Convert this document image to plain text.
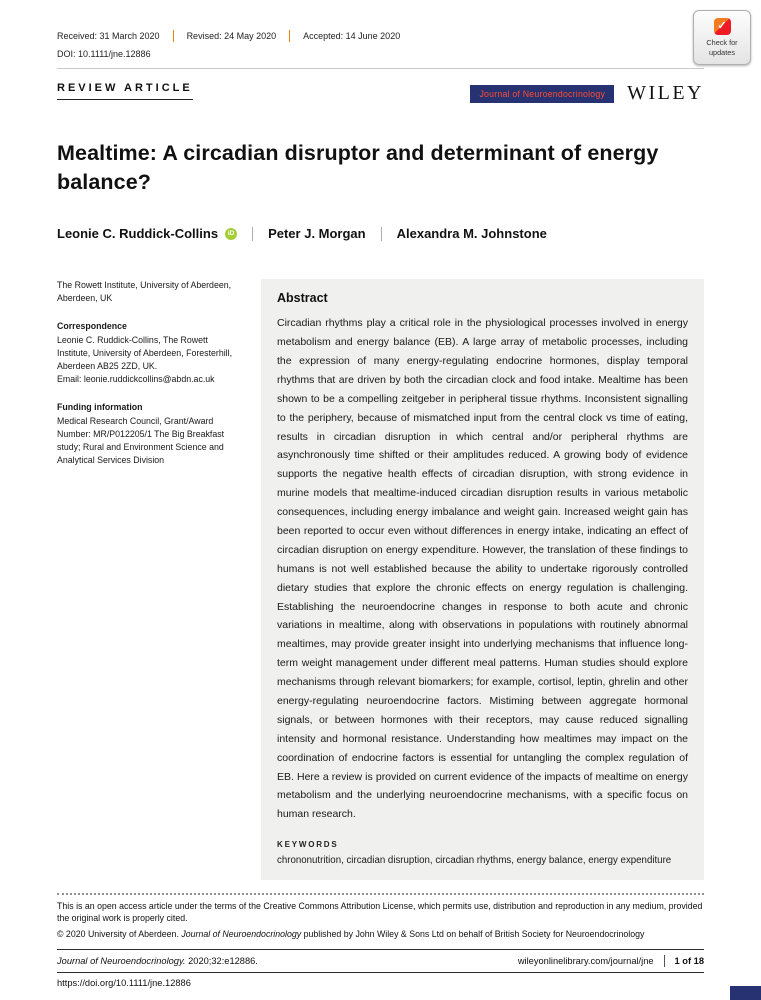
✓
Check for
updates
Received: 31 March 2020	Revised: 24 May 2020	Accepted: 14 June 2020
DOI: 10.1111/jne.12886
REVIEW ARTICLE	Journal of Neuroendocrinology	WILEY
Mealtime: A circadian disruptor and determinant of energy balance?
Leonie C. Ruddick-Collins	iD	Peter J. Morgan Alexandra M. Johnstone
The Rowett Institute, University of Aberdeen, Aberdeen, UK
Correspondence
Leonie C. Ruddick-Collins, The Rowett Institute, University of Aberdeen, Foresterhill, Aberdeen AB25 2ZD, UK.
Email: leonie.ruddickcollins@abdn.ac.uk
Funding information
Medical Research Council, Grant/Award Number: MR/P012205/1 The Big Breakfast study; Rural and Environment Science and Analytical Services Division
Abstract
Circadian rhythms play a critical role in the physiological processes involved in energy metabolism and energy balance (EB). A large array of metabolic processes, including the expression of many energy-regulating endocrine hormones, display temporal rhythms that are driven by both the circadian clock and food intake. Mealtime has been shown to be a compelling zeitgeber in peripheral tissue rhythms. Inconsistent signalling to the periphery, because of mismatched input from the central clock vs time of eating, results in circadian disruption in which central and/or peripheral rhythms are asynchronously time shifted or their amplitudes reduced. A growing body of evidence supports the negative health effects of circadian disruption, with strong evidence in murine models that mealtime-induced circadian disruption results in various metabolic consequences, including energy imbalance and weight gain. Increased weight gain has been reported to occur even without differences in energy intake, indicating an effect of circadian disruption on energy expenditure. However, the translation of these findings to humans is not well established because the ability to undertake rigorously controlled dietary studies that explore the chronic effects on energy regulation is challenging. Establishing the neuroendocrine changes in response to both acute and chronic variations in mealtime, along with observations in populations with routinely abnormal mealtimes, may provide greater insight into underlying mechanisms that influence long-term weight management under different meal patterns. Human studies should explore mechanisms through relevant biomarkers; for example, cortisol, leptin, ghrelin and other energy-regulating neuroendocrine factors. Mistiming between aggregate hormonal signals, or between hormones with their receptors, may cause reduced signalling intensity and hormonal resistance. Understanding how mealtimes may impact on the coordination of endocrine factors is essential for untangling the complex regulation of EB. Here a review is provided on current evidence of the impacts of mealtime on energy metabolism and the underlying neuroendocrine mechanisms, with a specific focus on human research.
KEYWORDS
chrononutrition, circadian disruption, circadian rhythms, energy balance, energy expenditure

This is an open access article under the terms of the Creative Commons Attribution License, which permits use, distribution and reproduction in any medium, provided the original work is properly cited.

© 2020 University of Aberdeen. Journal of Neuroendocrinology published by John Wiley & Sons Ltd on behalf of British Society for Neuroendocrinology

Journal of Neuroendocrinology. 2020;32:e12886.	wileyonlinelibrary.com/journal/jne 1 of 18
https://doi.org/10.1111/jne.12886
